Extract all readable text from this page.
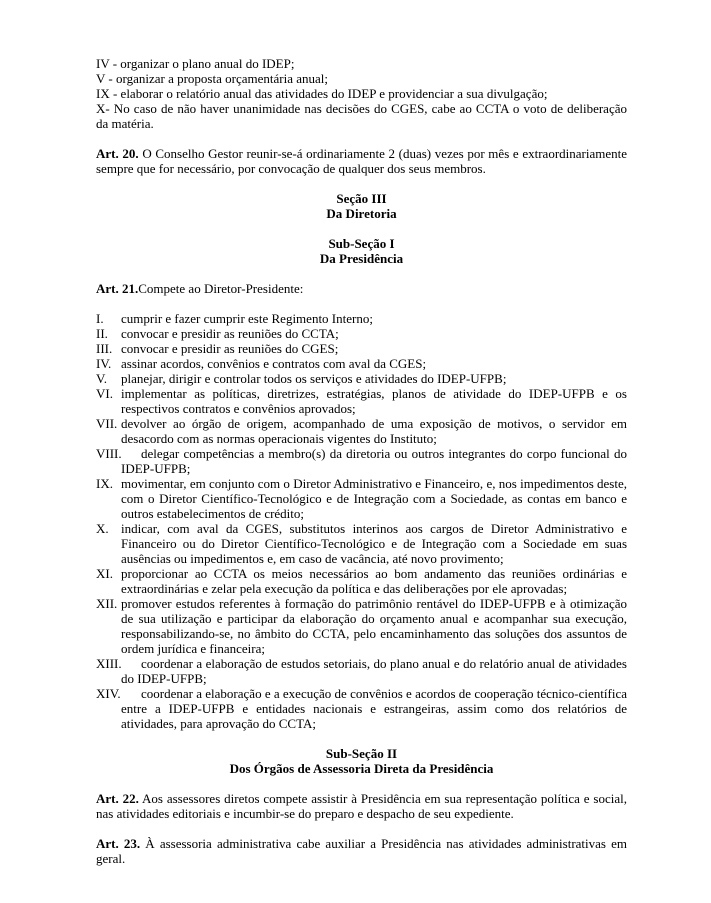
IV - organizar o plano anual do IDEP;
V - organizar a proposta orçamentária anual;
IX - elaborar o relatório anual das atividades do IDEP e providenciar a sua divulgação;
X- No caso de não haver unanimidade nas decisões do CGES, cabe ao CCTA o voto de deliberação da matéria.

Art. 20. O Conselho Gestor reunir-se-á ordinariamente 2 (duas) vezes por mês e extraordinariamente sempre que for necessário, por convocação de qualquer dos seus membros.

Seção III
Da Diretoria
Sub-Seção I
Da Presidência

Art. 21.Compete ao Diretor-Presidente:

I. cumprir e fazer cumprir este Regimento Interno;
II. convocar e presidir as reuniões do CCTA;
III. convocar e presidir as reuniões do CGES;
IV. assinar acordos, convênios e contratos com aval da CGES;
V. planejar, dirigir e controlar todos os serviços e atividades do IDEP-UFPB;
VI. implementar as políticas, diretrizes, estratégias, planos de atividade do IDEP-UFPB e os respectivos contratos e convênios aprovados;
VII. devolver ao órgão de origem, acompanhado de uma exposição de motivos, o servidor em desacordo com as normas operacionais vigentes do Instituto;
VIII. delegar competências a membro(s) da diretoria ou outros integrantes do corpo funcional do IDEP-UFPB;
IX. movimentar, em conjunto com o Diretor Administrativo e Financeiro, e, nos impedimentos deste, com o Diretor Científico-Tecnológico e de Integração com a Sociedade, as contas em banco e outros estabelecimentos de crédito;
X. indicar, com aval da CGES, substitutos interinos aos cargos de Diretor Administrativo e Financeiro ou do Diretor Científico-Tecnológico e de Integração com a Sociedade em suas ausências ou impedimentos e, em caso de vacância, até novo provimento;
XI. proporcionar ao CCTA os meios necessários ao bom andamento das reuniões ordinárias e extraordinárias e zelar pela execução da política e das deliberações por ele aprovadas;
XII. promover estudos referentes à formação do patrimônio rentável do IDEP-UFPB e à otimização de sua utilização e participar da elaboração do orçamento anual e acompanhar sua execução, responsabilizando-se, no âmbito do CCTA, pelo encaminhamento das soluções dos assuntos de ordem jurídica e financeira;
XIII. coordenar a elaboração de estudos setoriais, do plano anual e do relatório anual de atividades do IDEP-UFPB;
XIV. coordenar a elaboração e a execução de convênios e acordos de cooperação técnico-científica entre a IDEP-UFPB e entidades nacionais e estrangeiras, assim como dos relatórios de atividades, para aprovação do CCTA;
Sub-Seção II
Dos Órgãos de Assessoria Direta da Presidência

Art. 22. Aos assessores diretos compete assistir à Presidência em sua representação política e social, nas atividades editoriais e incumbir-se do preparo e despacho de seu expediente.

Art. 23. À assessoria administrativa cabe auxiliar a Presidência nas atividades administrativas em geral.
